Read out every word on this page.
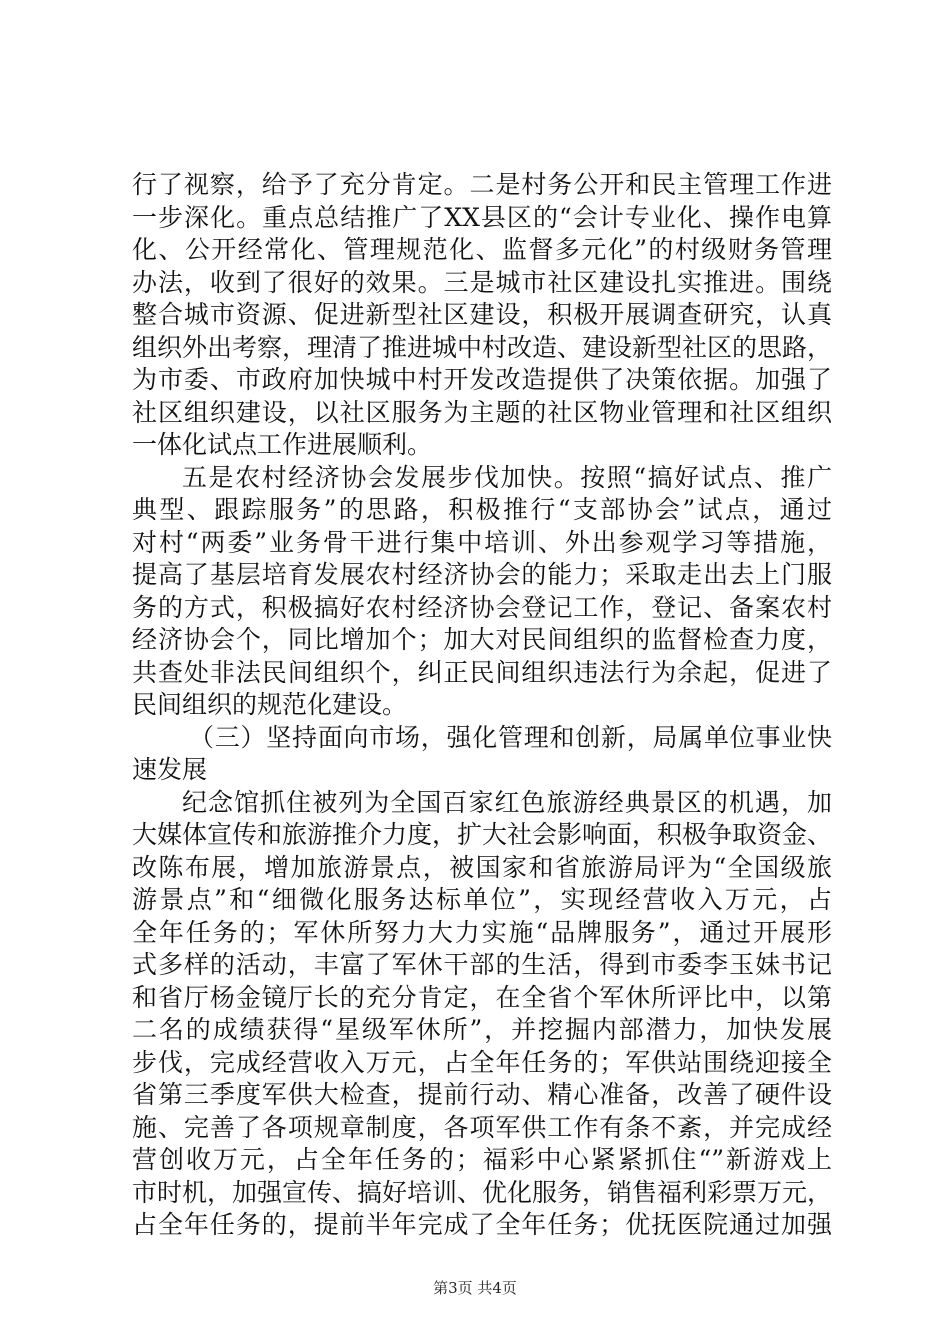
行了视察，给予了充分肯定。二是村务公开和民主管理工作进
一步深化。重点总结推广了XX县区的“会计专业化、操作电算
化、公开经常化、管理规范化、监督多元化”的村级财务管理
办法，收到了很好的效果。三是城市社区建设扎实推进。围绕
整合城市资源、促进新型社区建设，积极开展调查研究，认真
组织外出考察，理清了推进城中村改造、建设新型社区的思路，
为市委、市政府加快城中村开发改造提供了决策依据。加强了
社区组织建设，以社区服务为主题的社区物业管理和社区组织
一体化试点工作进展顺利。
五是农村经济协会发展步伐加快。按照“搞好试点、推广
典型、跟踪服务”的思路，积极推行“支部协会”试点，通过
对村“两委”业务骨干进行集中培训、外出参观学习等措施，
提高了基层培育发展农村经济协会的能力；采取走出去上门服
务的方式，积极搞好农村经济协会登记工作，登记、备案农村
经济协会个，同比增加个；加大对民间组织的监督检查力度，
共查处非法民间组织个，纠正民间组织违法行为余起，促进了
民间组织的规范化建设。
（三）坚持面向市场，强化管理和创新，局属单位事业快
速发展
纪念馆抓住被列为全国百家红色旅游经典景区的机遇，加
大媒体宣传和旅游推介力度，扩大社会影响面，积极争取资金、
改陈布展，增加旅游景点，被国家和省旅游局评为“全国级旅
游景点”和“细微化服务达标单位”，实现经营收入万元，占
全年任务的；军休所努力大力实施“品牌服务”，通过开展形
式多样的活动，丰富了军休干部的生活，得到市委李玉妹书记
和省厅杨金镜厅长的充分肯定，在全省个军休所评比中，以第
二名的成绩获得“星级军休所”，并挖掘内部潜力，加快发展
步伐，完成经营收入万元，占全年任务的；军供站围绕迎接全
省第三季度军供大检查，提前行动、精心准备，改善了硬件设
施、完善了各项规章制度，各项军供工作有条不紊，并完成经
营创收万元，占全年任务的；福彩中心紧紧抓住“”新游戏上
市时机，加强宣传、搞好培训、优化服务，销售福利彩票万元，
占全年任务的，提前半年完成了全年任务；优抚医院通过加强
第3页 共4页
